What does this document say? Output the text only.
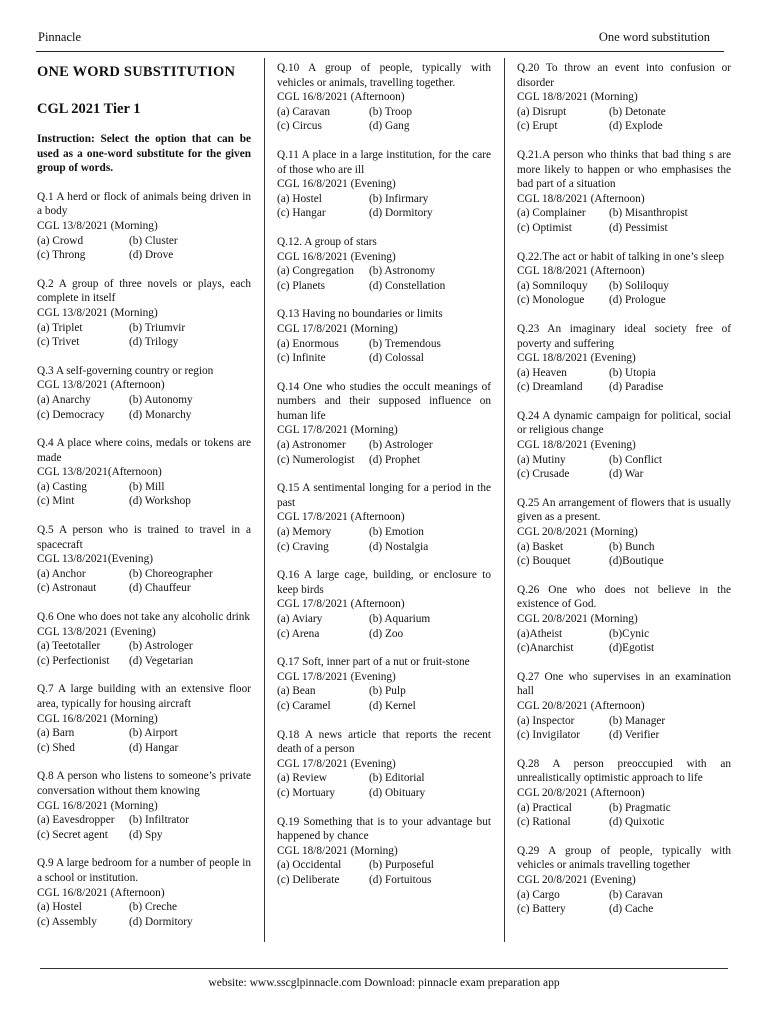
Pinnacle	One word substitution
ONE WORD SUBSTITUTION
CGL 2021 Tier 1
Instruction: Select the option that can be used as a one-word substitute for the given group of words.
Q.1 A herd or flock of animals being driven in a body
CGL 13/8/2021 (Morning)
(a) Crowd	(b) Cluster
(c) Throng	(d) Drove
Q.2 A group of three novels or plays, each complete in itself
CGL 13/8/2021 (Morning)
(a) Triplet	(b) Triumvir
(c) Trivet	(d) Trilogy
Q.3 A self-governing country or region
CGL 13/8/2021 (Afternoon)
(a) Anarchy	(b) Autonomy
(c) Democracy	(d) Monarchy
Q.4 A place where coins, medals or tokens are made
CGL 13/8/2021(Afternoon)
(a) Casting	(b) Mill
(c) Mint	(d) Workshop
Q.5 A person who is trained to travel in a spacecraft
CGL 13/8/2021(Evening)
(a) Anchor	(b) Choreographer
(c) Astronaut	(d) Chauffeur
Q.6 One who does not take any alcoholic drink
CGL 13/8/2021 (Evening)
(a) Teetotaller	(b) Astrologer
(c) Perfectionist	(d) Vegetarian
Q.7 A large building with an extensive floor area, typically for housing aircraft
CGL 16/8/2021 (Morning)
(a) Barn	(b) Airport
(c) Shed	(d) Hangar
Q.8 A person who listens to someone’s private conversation without them knowing
CGL 16/8/2021 (Morning)
(a) Eavesdropper	(b) Infiltrator
(c) Secret agent	(d) Spy
Q.9 A large bedroom for a number of people in a school or institution.
CGL 16/8/2021 (Afternoon)
(a) Hostel	(b) Creche
(c) Assembly	(d) Dormitory
Q.10 A group of people, typically with vehicles or animals, travelling together.
CGL 16/8/2021 (Afternoon)
(a) Caravan	(b) Troop
(c) Circus	(d) Gang
Q.11 A place in a large institution, for the care of those who are ill
CGL 16/8/2021 (Evening)
(a) Hostel	(b) Infirmary
(c) Hangar	(d) Dormitory
Q.12. A group of stars
CGL 16/8/2021 (Evening)
(a) Congregation	(b) Astronomy
(c) Planets	(d) Constellation
Q.13 Having no boundaries or limits
CGL 17/8/2021 (Morning)
(a) Enormous	(b) Tremendous
(c) Infinite	(d) Colossal
Q.14 One who studies the occult meanings of numbers and their supposed influence on human life
CGL 17/8/2021 (Morning)
(a) Astronomer	(b) Astrologer
(c) Numerologist	(d) Prophet
Q.15 A sentimental longing for a period in the past
CGL 17/8/2021 (Afternoon)
(a) Memory	(b) Emotion
(c) Craving	(d) Nostalgia
Q.16 A large cage, building, or enclosure to keep birds
CGL 17/8/2021 (Afternoon)
(a) Aviary	(b) Aquarium
(c) Arena	(d) Zoo
Q.17 Soft, inner part of a nut or fruit-stone
CGL 17/8/2021 (Evening)
(a) Bean	(b) Pulp
(c) Caramel	(d) Kernel
Q.18 A news article that reports the recent death of a person
CGL 17/8/2021 (Evening)
(a) Review	(b) Editorial
(c) Mortuary	(d) Obituary
Q.19 Something that is to your advantage but happened by chance
CGL 18/8/2021 (Morning)
(a) Occidental	(b) Purposeful
(c) Deliberate	(d) Fortuitous
Q.20 To throw an event into confusion or disorder
CGL 18/8/2021 (Morning)
(a) Disrupt	(b) Detonate
(c) Erupt	(d) Explode
Q.21.A person who thinks that bad thing s are more likely to happen or who emphasises the bad part of a situation
CGL 18/8/2021 (Afternoon)
(a) Complainer	(b) Misanthropist
(c) Optimist	(d) Pessimist
Q.22.The act or habit of talking in one’s sleep
CGL 18/8/2021 (Afternoon)
(a) Somniloquy	(b) Soliloquy
(c) Monologue	(d) Prologue
Q.23 An imaginary ideal society free of poverty and suffering
CGL 18/8/2021 (Evening)
(a) Heaven	(b) Utopia
(c) Dreamland	(d) Paradise
Q.24 A dynamic campaign for political, social or religious change
CGL 18/8/2021 (Evening)
(a) Mutiny	(b) Conflict
(c) Crusade	(d) War
Q.25 An arrangement of flowers that is usually given as a present.
CGL 20/8/2021 (Morning)
(a) Basket	(b) Bunch
(c) Bouquet	(d)Boutique
Q.26 One who does not believe in the existence of God.
CGL 20/8/2021 (Morning)
(a)Atheist	(b)Cynic
(c)Anarchist	(d)Egotist
Q.27 One who supervises in an examination hall
CGL 20/8/2021 (Afternoon)
(a) Inspector	(b) Manager
(c) Invigilator	(d) Verifier
Q.28 A person preoccupied with an unrealistically optimistic approach to life
CGL 20/8/2021 (Afternoon)
(a) Practical	(b) Pragmatic
(c) Rational	(d) Quixotic
Q.29 A group of people, typically with vehicles or animals travelling together
CGL 20/8/2021 (Evening)
(a) Cargo	(b) Caravan
(c) Battery	(d) Cache
website: www.sscglpinnacle.com Download: pinnacle exam preparation app
